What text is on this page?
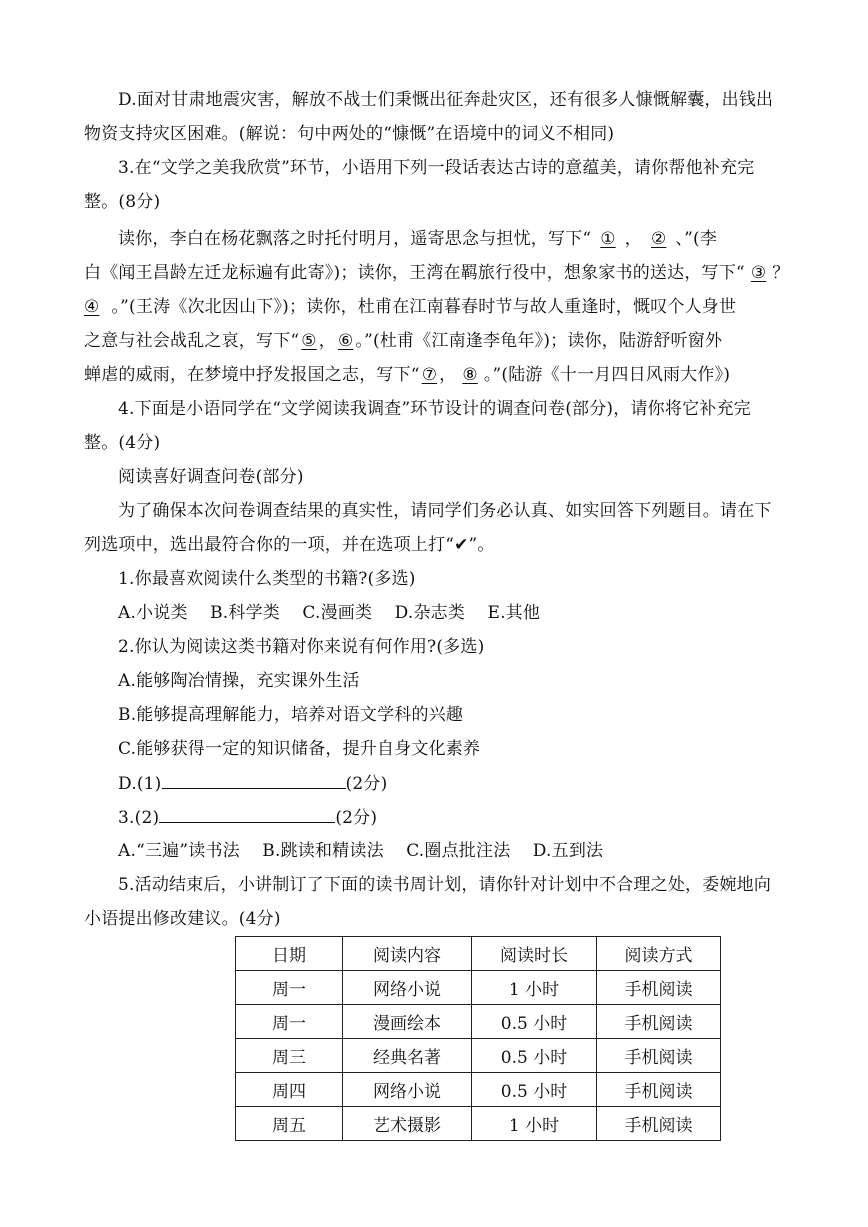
D.面对甘肃地震灾害，解放不战士们秉慨出征奔赴灾区，还有很多人慷慨解囊，出钱出
物资支持灾区困难。(解说：句中两处的“慷慨”在语境中的词义不相同)
3.在“文学之美我欣赏”环节，小语用下列一段话表达古诗的意蕴美，请你帮他补充完
整。(8分)
读你，李白在杨花飘落之时托付明月，遥寄思念与担忧，写下“ ① ， ② 、”(李
白《闻王昌龄左迁龙标遍有此寄》)；读你，王湾在羁旅行役中，想象家书的送达，写下“ ③ ？
④ 。”(王涛《次北因山下》)；读你，杜甫在江南暮春时节与故人重逢时，慨叹个人身世
之意与社会战乱之哀，写下“ ⑤ ， ⑥ 。”(杜甫《江南逢李龟年》)；读你，陆游舒听窗外
蝉虐的威雨，在梦境中抒发报国之志，写下“ ⑦ ， ⑧ 。”(陆游《十一月四日风雨大作》)
4.下面是小语同学在“文学阅读我调查”环节设计的调查问卷(部分)，请你将它补充完
整。(4分)
阅读喜好调查问卷(部分)
为了确保本次问卷调查结果的真实性，请同学们务必认真、如实回答下列题目。请在下
列选项中，选出最符合你的一项，并在选项上打“✔”。
1.你最喜欢阅读什么类型的书籍?(多选)
A.小说类    B.科学类    C.漫画类    D.杂志类    E.其他
2.你认为阅读这类书籍对你来说有何作用?(多选)
A.能够陶冶情操，充实课外生活
B.能够提高理解能力，培养对语文学科的兴趣
C.能够获得一定的知识储备，提升自身文化素养
D.(1)	(2分)
3.(2)	(2分)
A.“三遍”读书法    B.跳读和精读法    C.圈点批注法    D.五到法
5.活动结束后，小讲制订了下面的读书周计划，请你针对计划中不合理之处，委婉地向
小语提出修改建议。(4分)
日期	阅读内容	阅读时长	阅读方式
周一	网络小说	1 小时	手机阅读
周一	漫画绘本	0.5 小时	手机阅读
周三	经典名著	0.5 小时	手机阅读
周四	网络小说	0.5 小时	手机阅读
周五	艺术摄影	1 小时	手机阅读
